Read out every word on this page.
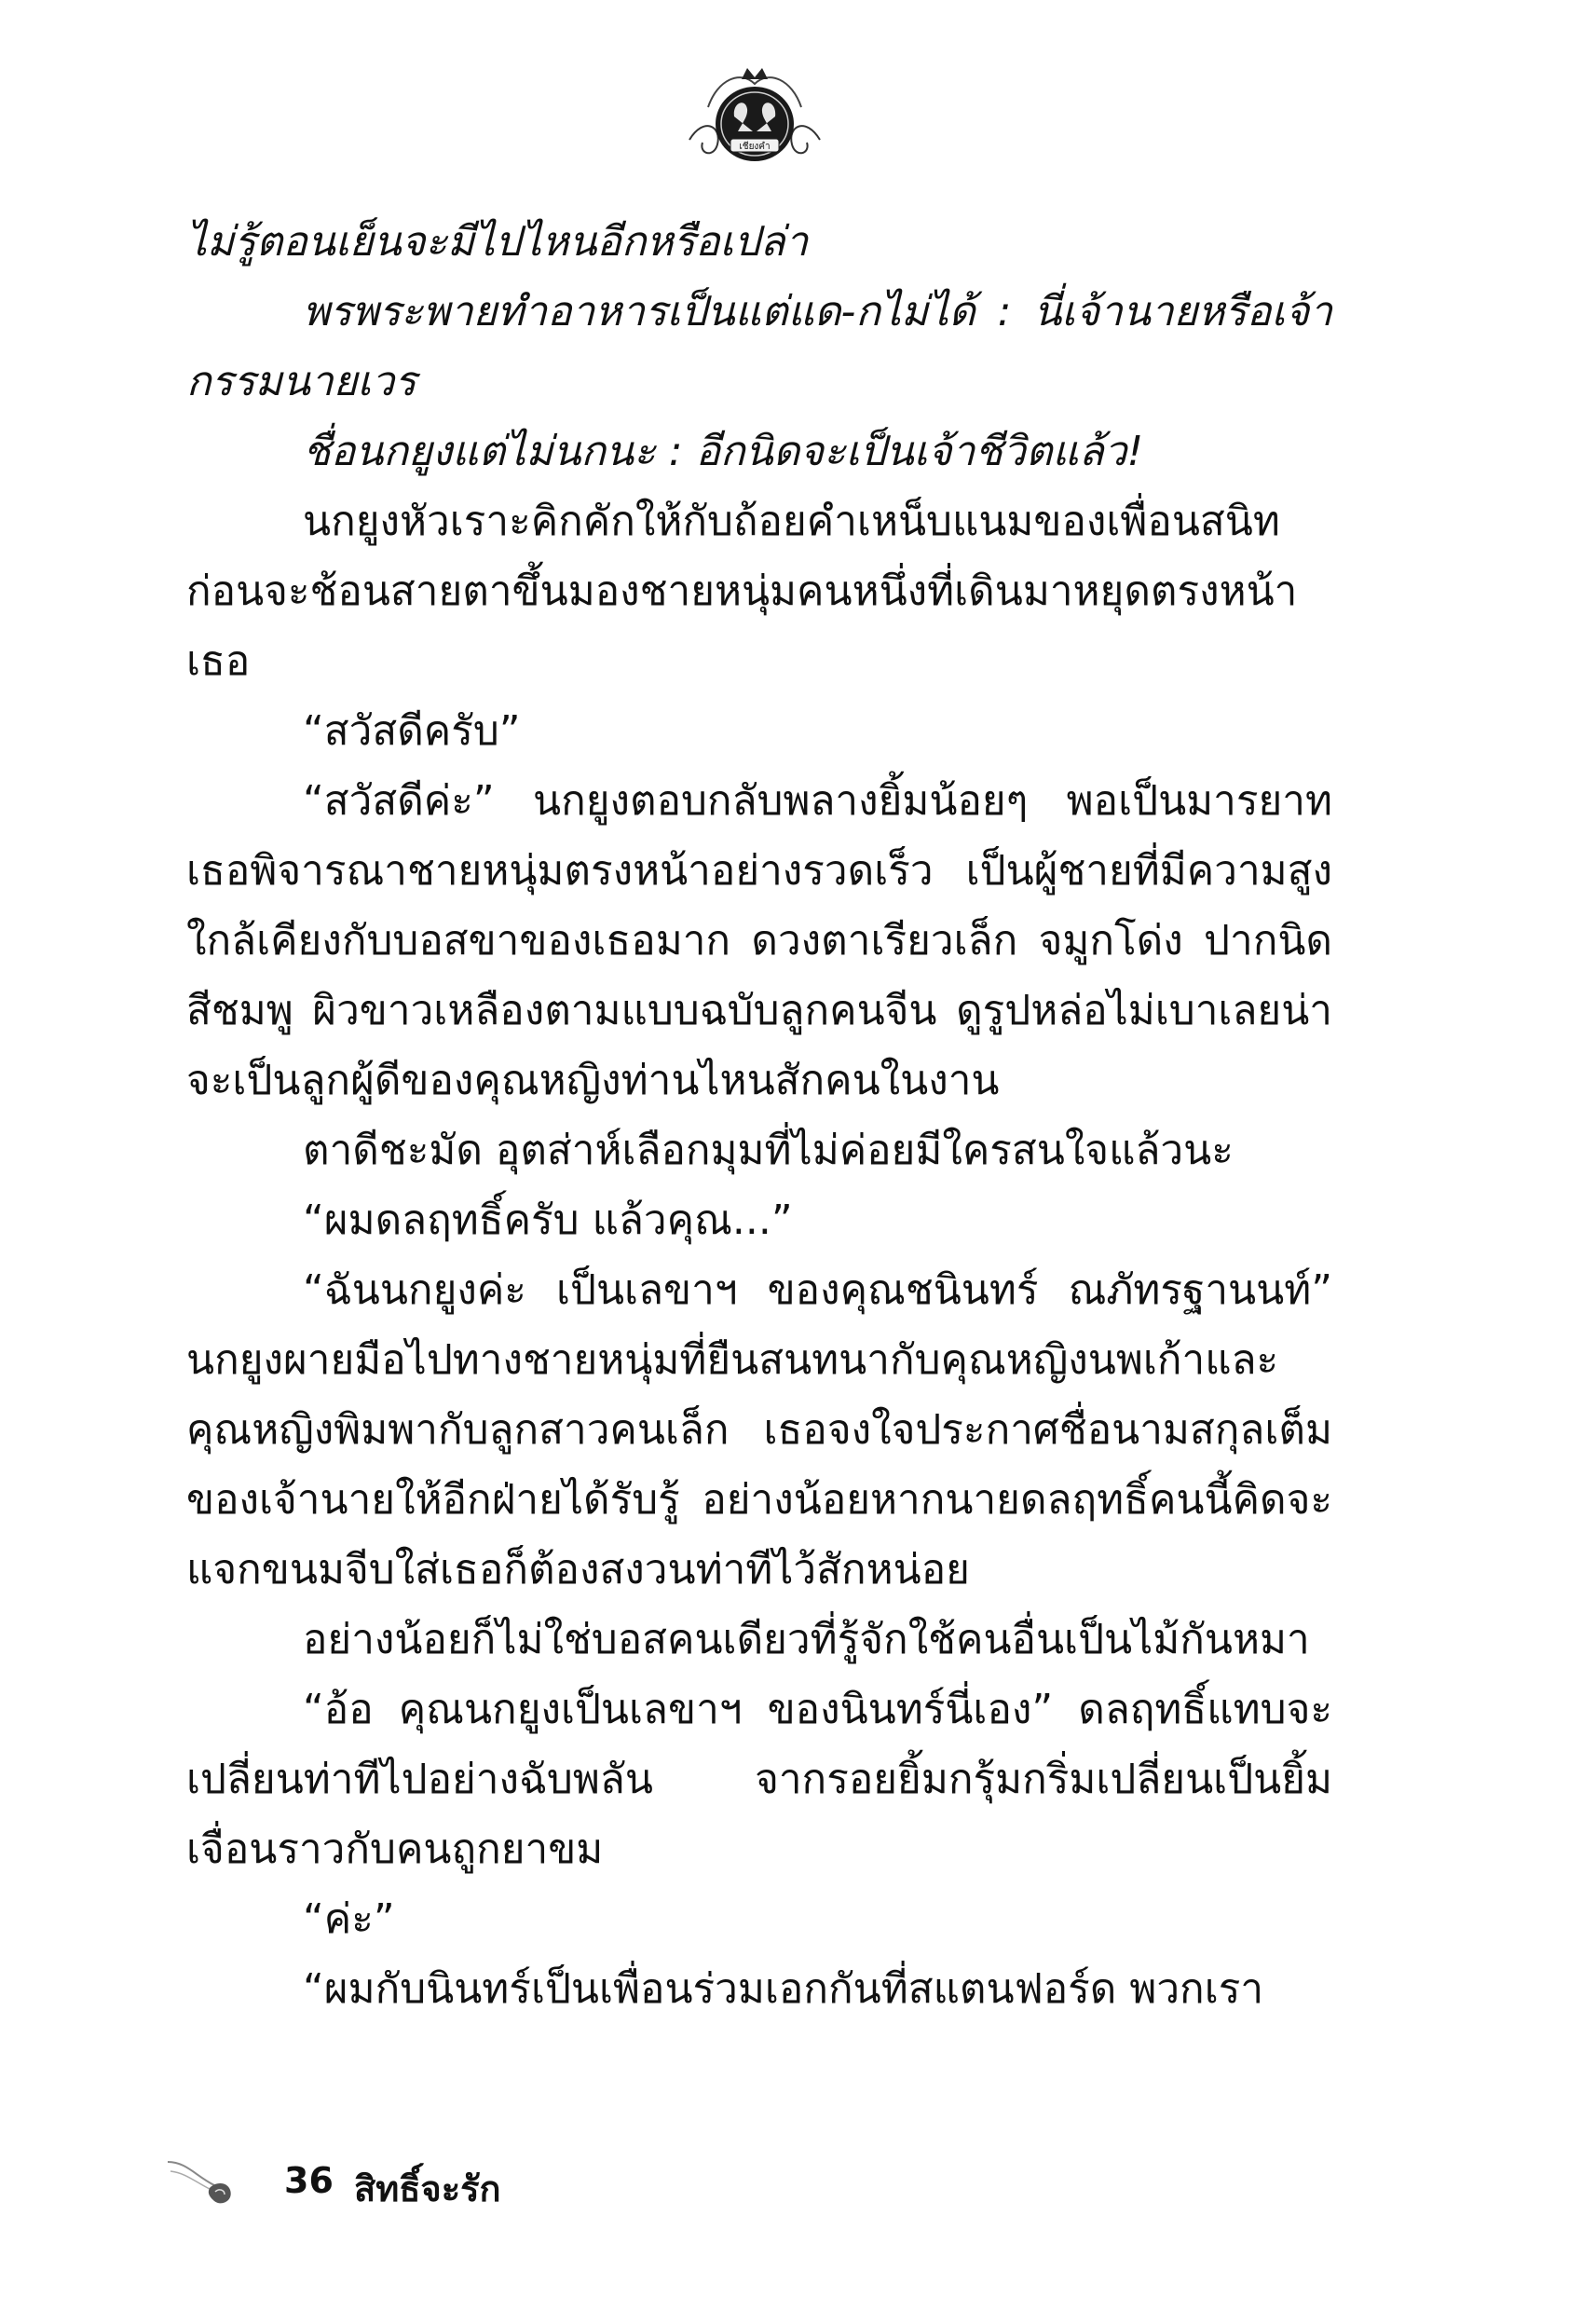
เชียงคำ

ไม่รู้ตอนเย็นจะมีไปไหนอีกหรือเปล่า

พรพระพายทำอาหารเป็นแต่แด-กไม่ได้ : นี่เจ้านายหรือเจ้ากรรมนายเวร

ชื่อนกยูงแต่ไม่นกนะ : อีกนิดจะเป็นเจ้าชีวิตแล้ว!

นกยูงหัวเราะคิกคักให้กับถ้อยคำเหน็บแนมของเพื่อนสนิทก่อนจะช้อนสายตาขึ้นมองชายหนุ่มคนหนึ่งที่เดินมาหยุดตรงหน้าเธอ

“สวัสดีครับ”

“สวัสดีค่ะ” นกยูงตอบกลับพลางยิ้มน้อยๆ พอเป็นมารยาทเธอพิจารณาชายหนุ่มตรงหน้าอย่างรวดเร็ว เป็นผู้ชายที่มีความสูงใกล้เคียงกับบอสขาของเธอมาก ดวงตาเรียวเล็ก จมูกโด่ง ปากนิดสีชมพู ผิวขาวเหลืองตามแบบฉบับลูกคนจีน ดูรูปหล่อไม่เบาเลยน่าจะเป็นลูกผู้ดีของคุณหญิงท่านไหนสักคนในงาน

ตาดีชะมัด อุตส่าห์เลือกมุมที่ไม่ค่อยมีใครสนใจแล้วนะ

“ผมดลฤทธิ์ครับ แล้วคุณ...”

“ฉันนกยูงค่ะ เป็นเลขาฯ ของคุณชนินทร์ ณภัทรฐานนท์” นกยูงผายมือไปทางชายหนุ่มที่ยืนสนทนากับคุณหญิงนพเก้าและคุณหญิงพิมพากับลูกสาวคนเล็ก เธอจงใจประกาศชื่อนามสกุลเต็มของเจ้านายให้อีกฝ่ายได้รับรู้ อย่างน้อยหากนายดลฤทธิ์คนนี้คิดจะแจกขนมจีบใส่เธอก็ต้องสงวนท่าทีไว้สักหน่อย

อย่างน้อยก็ไม่ใช่บอสคนเดียวที่รู้จักใช้คนอื่นเป็นไม้กันหมา

“อ้อ คุณนกยูงเป็นเลขาฯ ของนินทร์นี่เอง” ดลฤทธิ์แทบจะเปลี่ยนท่าทีไปอย่างฉับพลัน จากรอยยิ้มกรุ้มกริ่มเปลี่ยนเป็นยิ้มเจื่อนราวกับคนถูกยาขม

“ค่ะ”

“ผมกับนินทร์เป็นเพื่อนร่วมเอกกันที่สแตนฟอร์ด พวกเรา

36 สิทธิ์จะรัก
